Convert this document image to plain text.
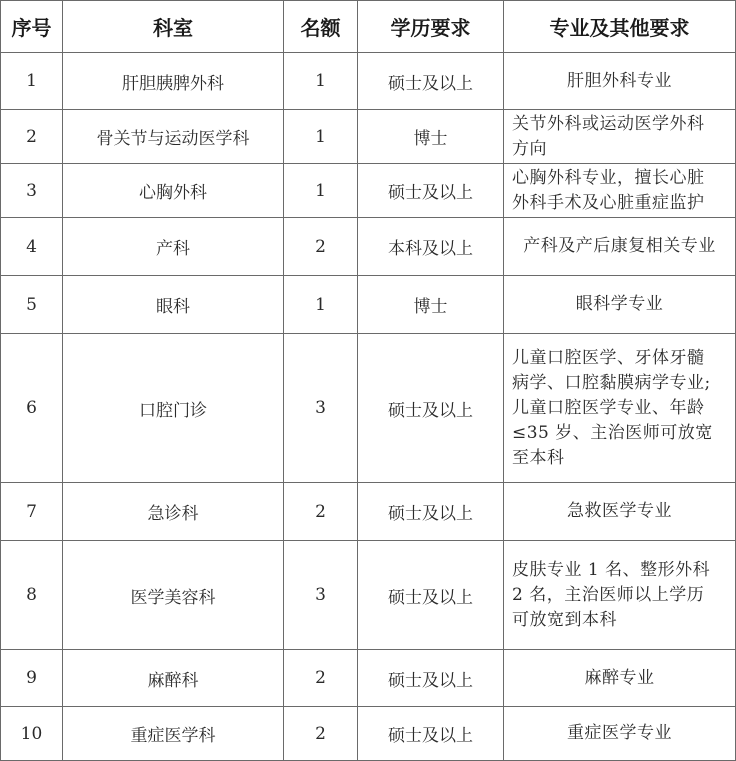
序号	科室	名额	学历要求	专业及其他要求
1	肝胆胰脾外科	1	硕士及以上	肝胆外科专业

2	骨关节与运动医学科	1	博士	关节外科或运动医学外科
方向

3	心胸外科	1	硕士及以上	心胸外科专业，擅长心脏
外科手术及心脏重症监护

4	产科	2	本科及以上	产科及产后康复相关专业

5	眼科	1	博士	眼科学专业

6	口腔门诊	3	硕士及以上	儿童口腔医学、牙体牙髓
病学、口腔黏膜病学专业;
儿童口腔医学专业、年龄
≤35 岁、主治医师可放宽
至本科

7	急诊科	2	硕士及以上	急救医学专业

8	医学美容科	3	硕士及以上	皮肤专业 1 名、整形外科
2 名，主治医师以上学历
可放宽到本科

9	麻醉科	2	硕士及以上	麻醉专业

10	重症医学科	2	硕士及以上	重症医学专业
